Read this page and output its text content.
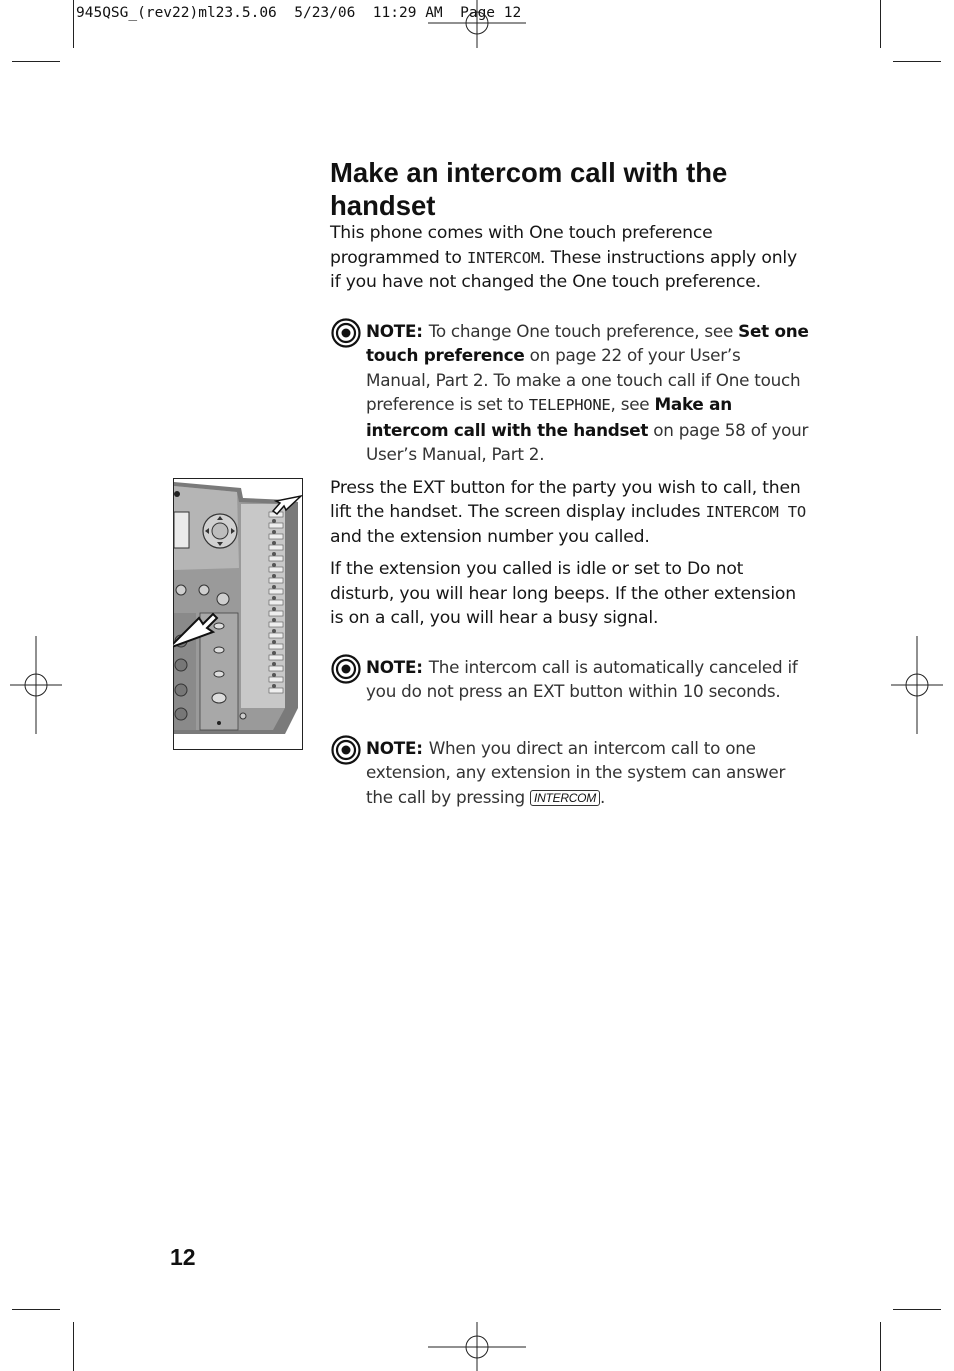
945QSG_(rev22)ml23.5.06  5/23/06  11:29 AM  Page 12
Make an intercom call with the handset

This phone comes with One touch preference programmed to INTERCOM. These instructions apply only if you have not changed the One touch preference.

NOTE: To change One touch preference, see Set one touch preference on page 22 of your User’s Manual, Part 2. To make a one touch call if One touch preference is set to TELEPHONE, see Make an intercom call with the handset on page 58 of your User’s Manual, Part 2.

Press the EXT button for the party you wish to call, then lift the handset. The screen display includes INTERCOM TO and the extension number you called.

If the extension you called is idle or set to Do not disturb, you will hear long beeps. If the other extension is on a call, you will hear a busy signal.

NOTE: The intercom call is automatically canceled if you do not press an EXT button within 10 seconds.
NOTE: When you direct an intercom call to one extension, any extension in the system can answer the call by pressing INTERCOM .
12
